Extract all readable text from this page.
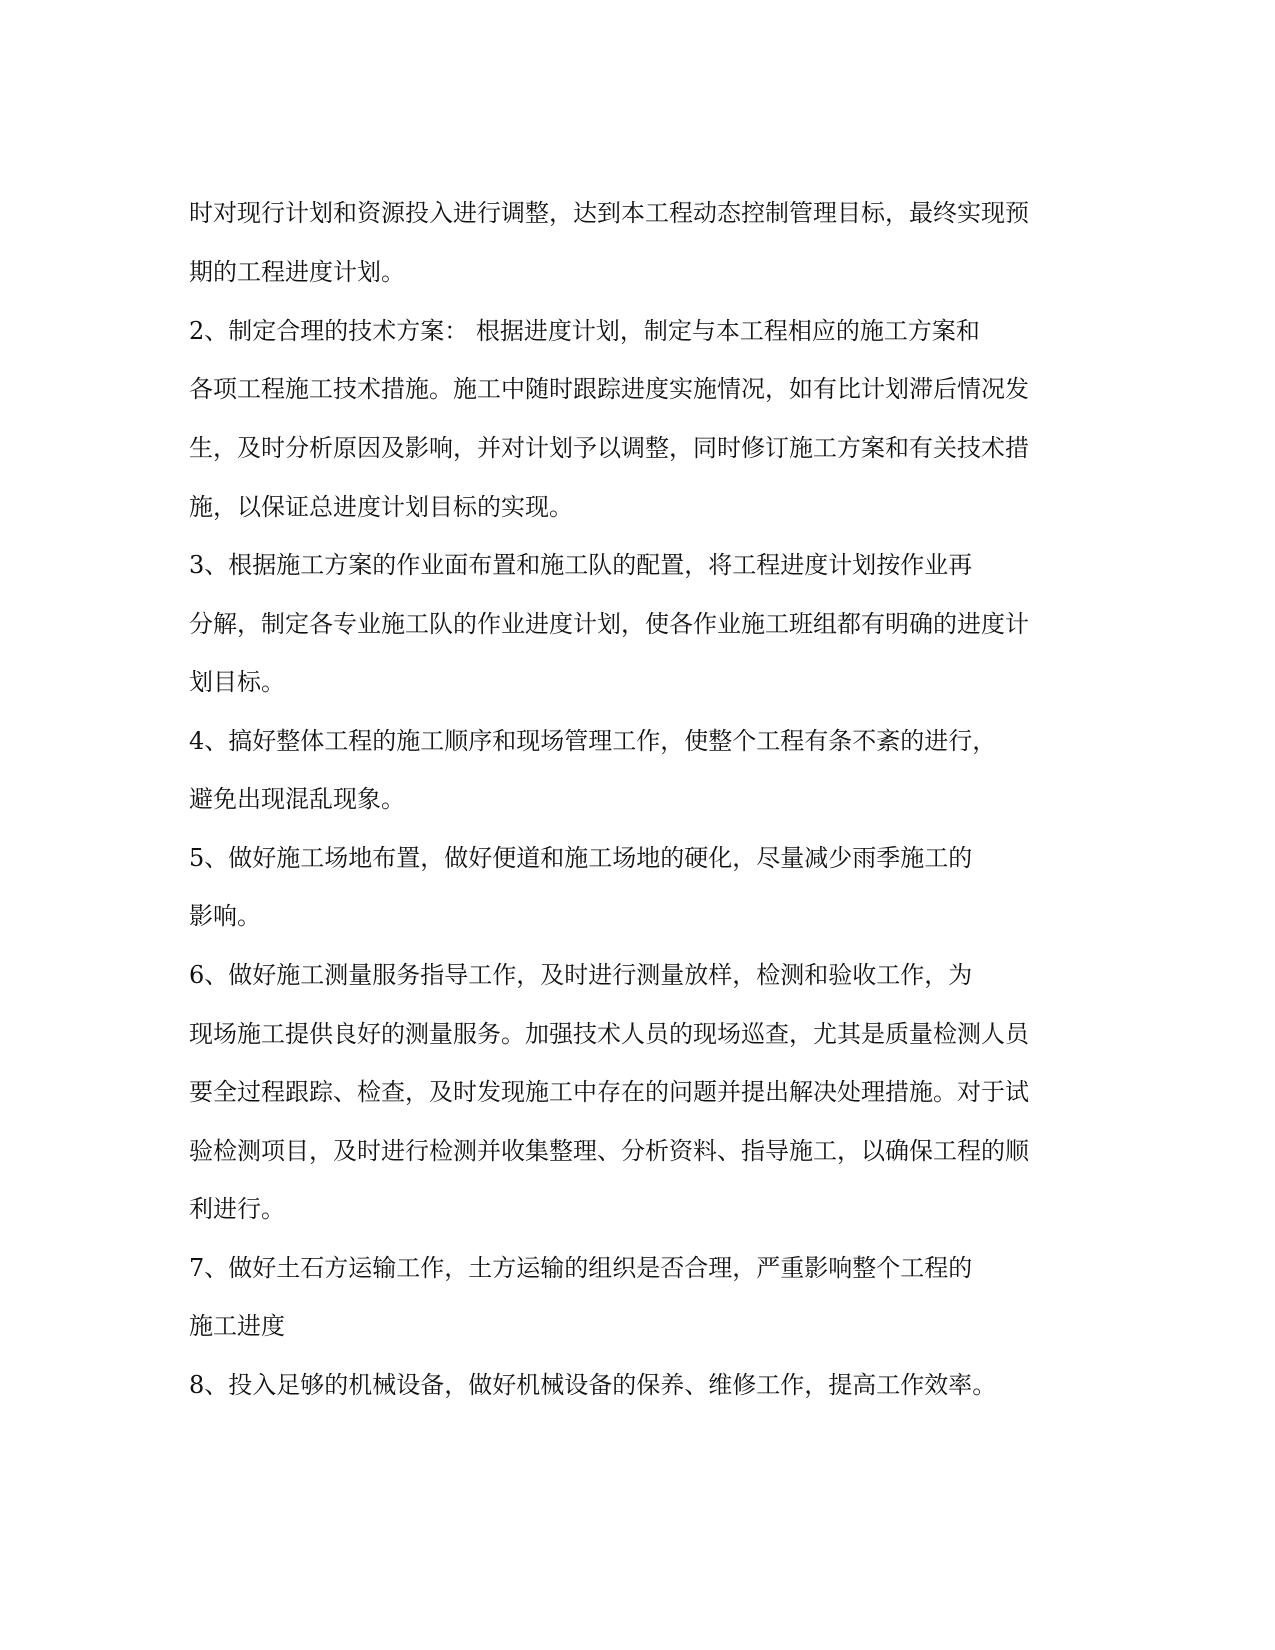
时对现行计划和资源投入进行调整，达到本工程动态控制管理目标，最终实现预

期的工程进度计划。

2、制定合理的技术方案： 根据进度计划，制定与本工程相应的施工方案和

各项工程施工技术措施。施工中随时跟踪进度实施情况，如有比计划滞后情况发

生，及时分析原因及影响，并对计划予以调整，同时修订施工方案和有关技术措

施，以保证总进度计划目标的实现。

3、根据施工方案的作业面布置和施工队的配置，将工程进度计划按作业再

分解，制定各专业施工队的作业进度计划，使各作业施工班组都有明确的进度计

划目标。

4、搞好整体工程的施工顺序和现场管理工作，使整个工程有条不紊的进行，

避免出现混乱现象。

5、做好施工场地布置，做好便道和施工场地的硬化，尽量减少雨季施工的

影响。

6、做好施工测量服务指导工作，及时进行测量放样，检测和验收工作，为

现场施工提供良好的测量服务。加强技术人员的现场巡查，尤其是质量检测人员

要全过程跟踪、检查，及时发现施工中存在的问题并提出解决处理措施。对于试

验检测项目，及时进行检测并收集整理、分析资料、指导施工，以确保工程的顺

利进行。

7、做好土石方运输工作，土方运输的组织是否合理，严重影响整个工程的

施工进度

8、投入足够的机械设备，做好机械设备的保养、维修工作，提高工作效率。
